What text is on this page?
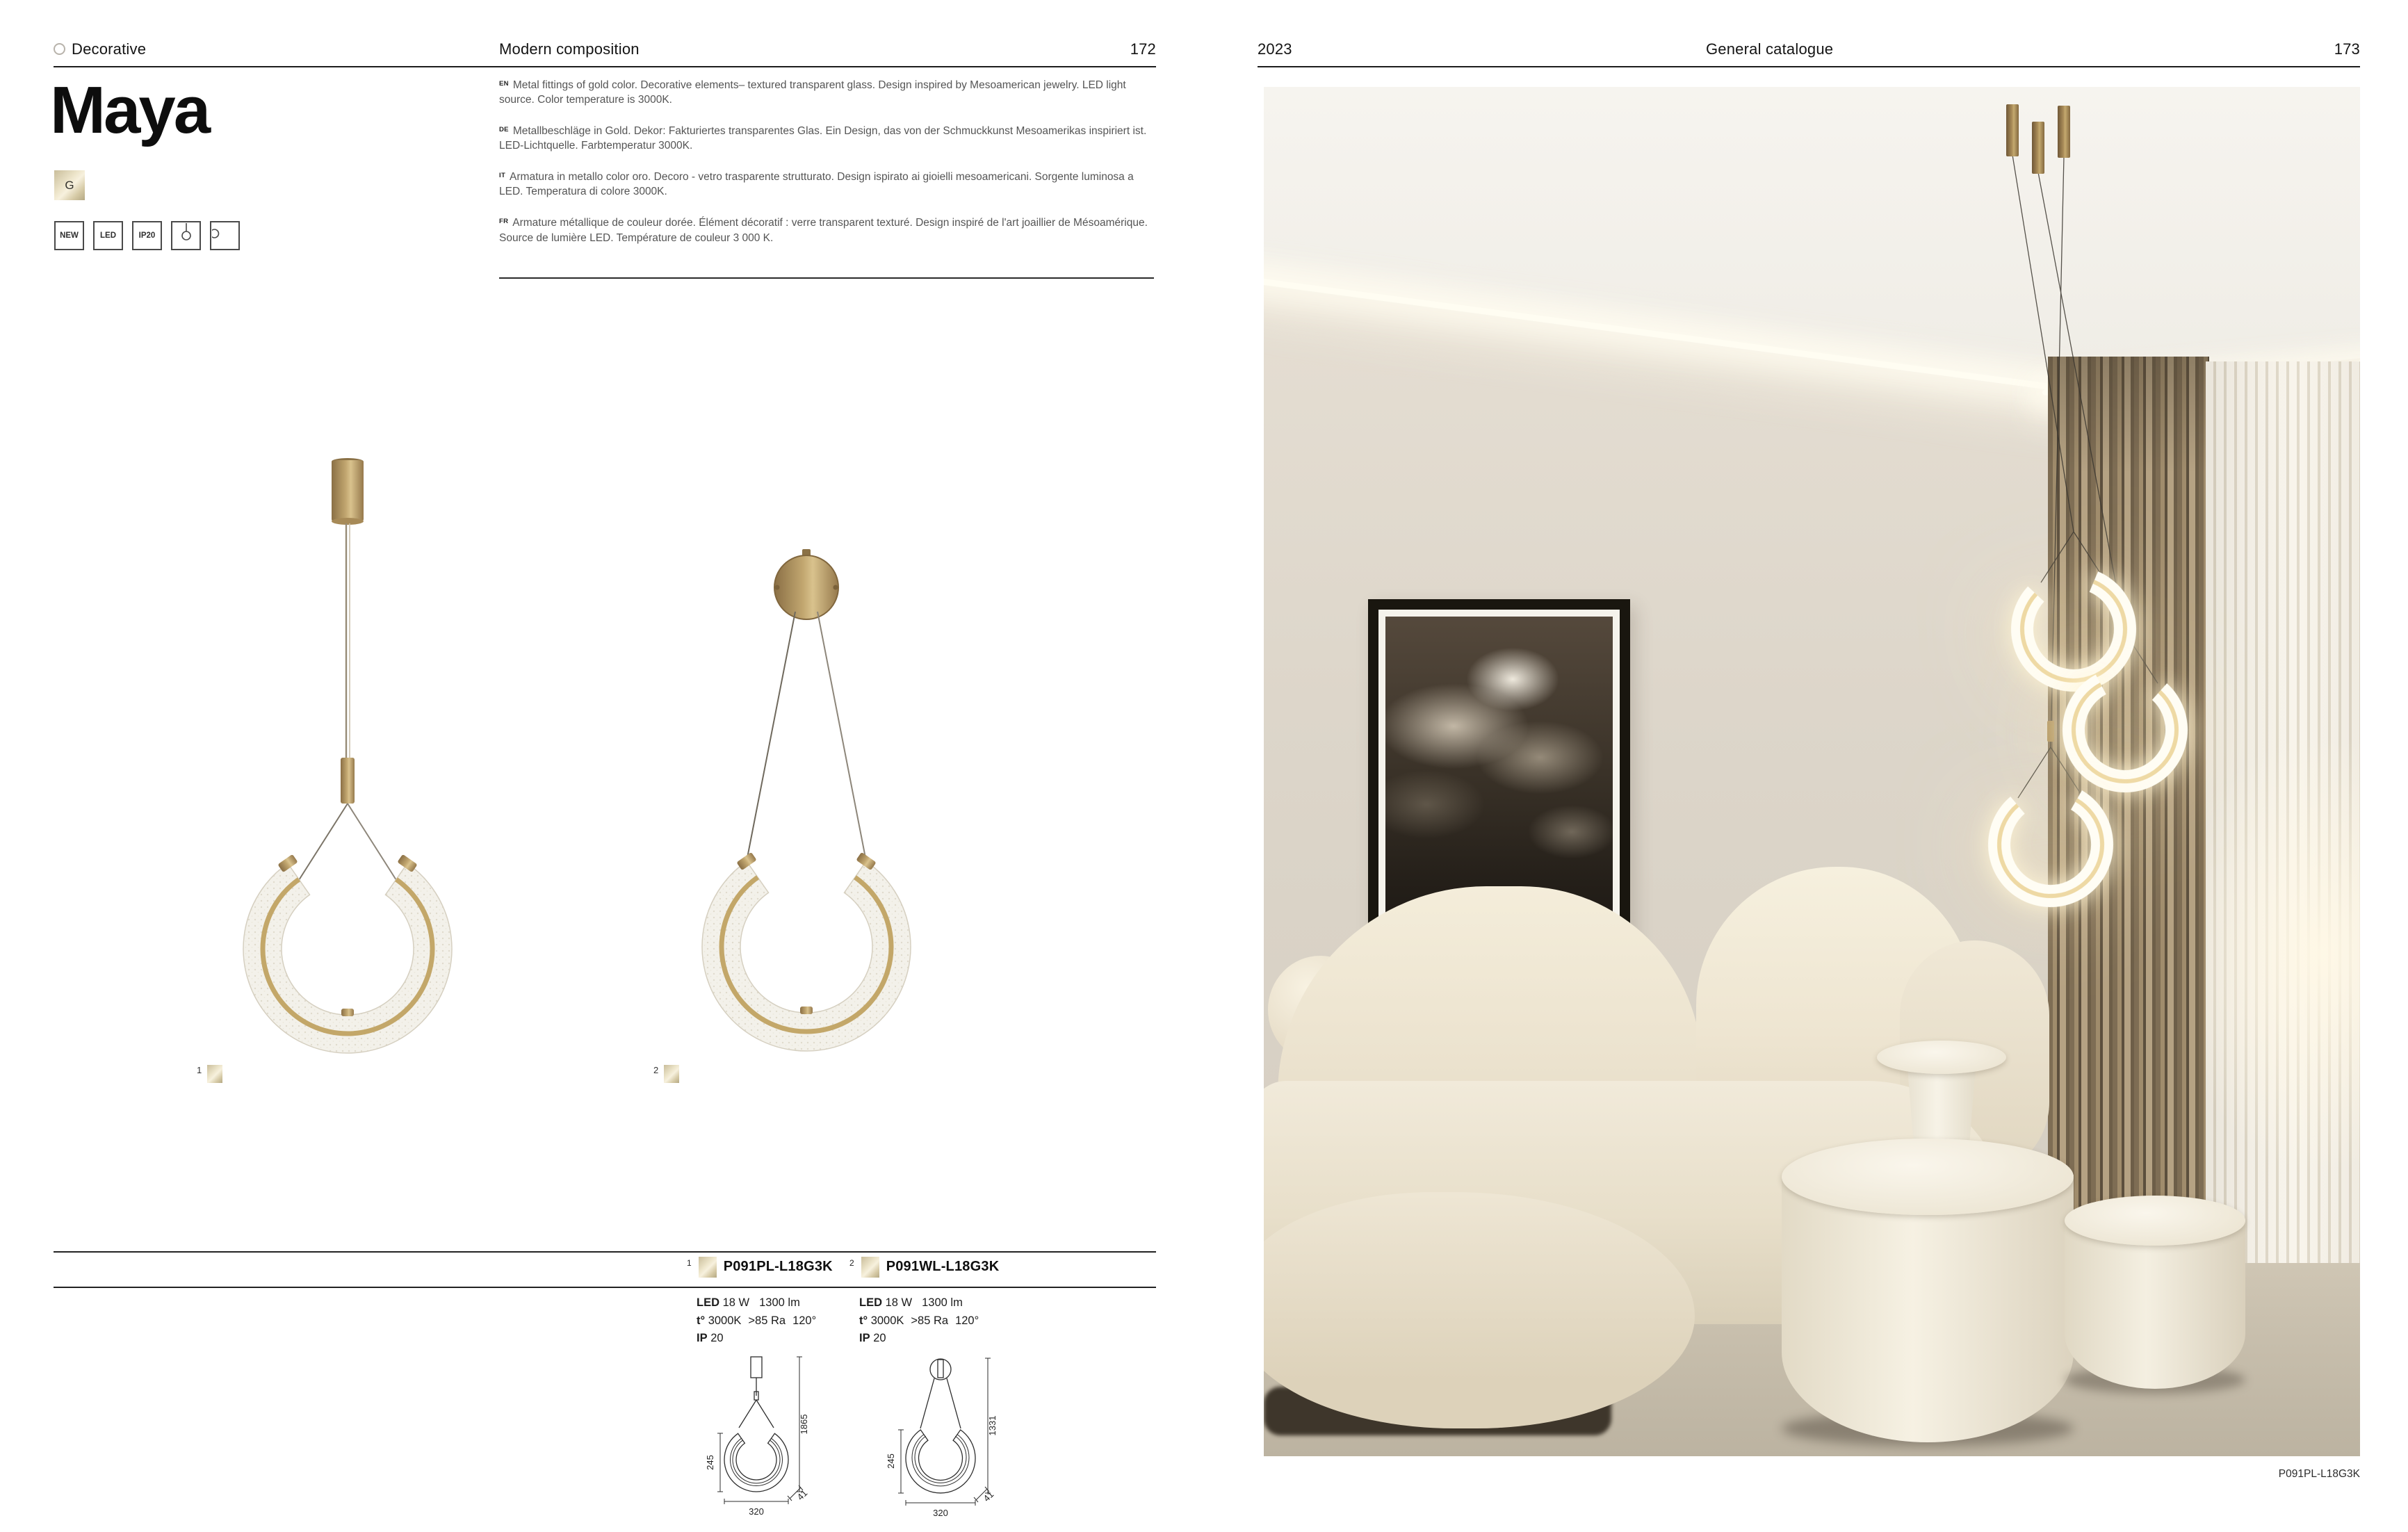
Decorative	Modern composition	172
Maya
G
NEW	LED	IP20

$^{EN}$ Metal fittings of gold color. Decorative elements– textured transparent glass. Design inspired by Mesoamerican jewelry. LED light source. Color temperature is 3000K.

$^{DE}$ Metallbeschläge in Gold. Dekor: Fakturiertes transparentes Glas. Ein Design, das von der Schmuckkunst Mesoamerikas inspiriert ist. LED-Lichtquelle. Farbtemperatur 3000K.

$^{IT}$ Armatura in metallo color oro. Decoro - vetro trasparente strutturato. Design ispirato ai gioielli mesoamericani. Sorgente luminosa a LED. Temperatura di colore 3000K.

$^{FR}$ Armature métallique de couleur dorée. Élément décoratif : verre transparent texturé. Design inspiré de l'art joaillier de Mésoamérique. Source de lumière LED. Température de couleur 3 000 K.

1	2
1 P091PL-L18G3K 2 P091WL-L18G3K
LED 18 W 1300 lm
t° 3000K >85 Ra 120°
IP 20
LED 18 W 1300 lm
t° 3000K >85 Ra 120°
IP 20
1865
245
320
41
1331
245
320
41
2023	General catalogue	173
P091PL-L18G3K
